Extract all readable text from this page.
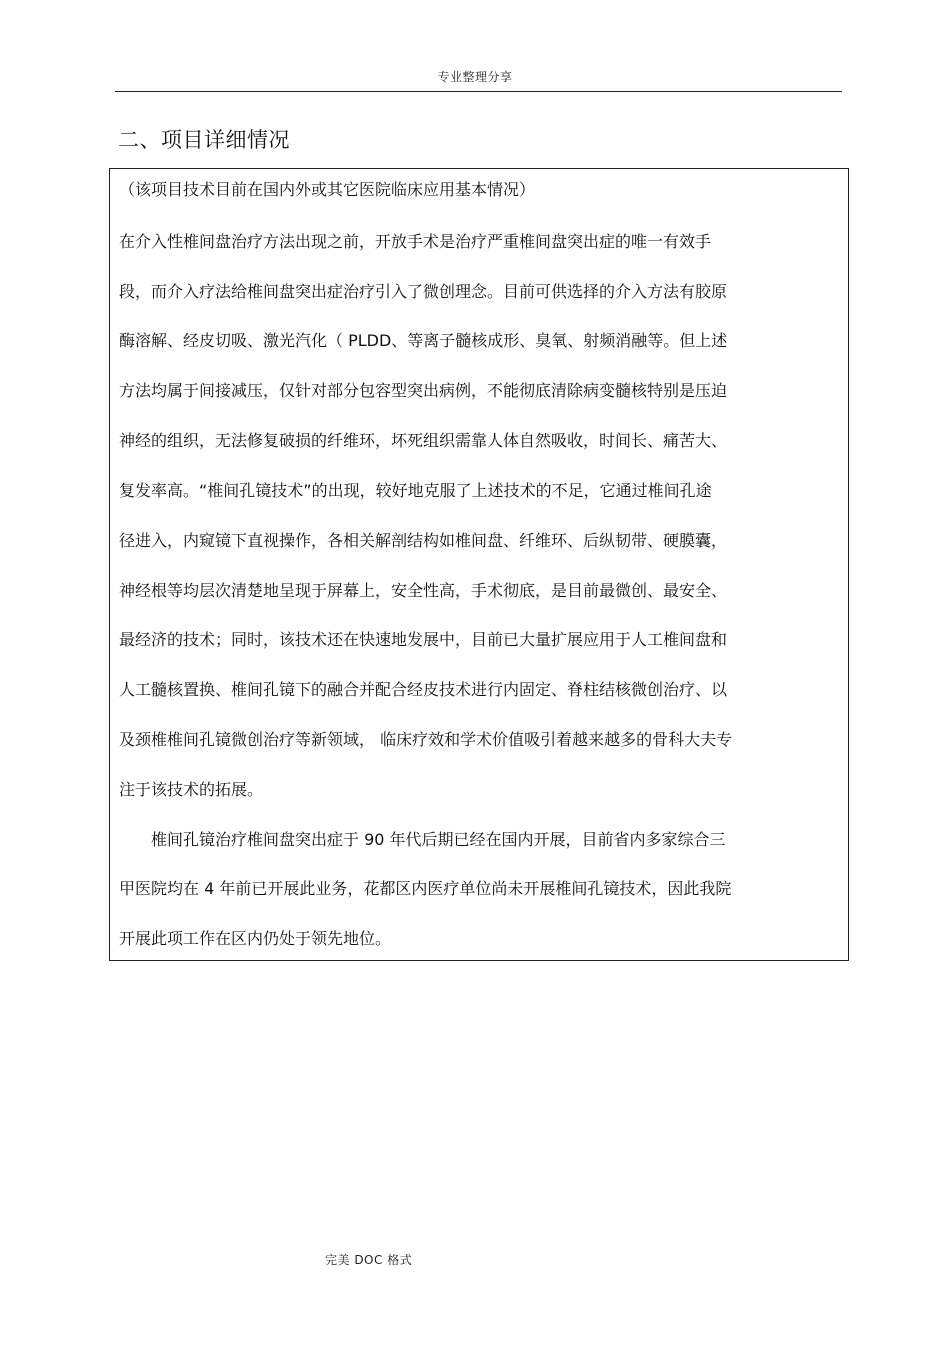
专业整理分享
二、项目详细情况
（该项目技术目前在国内外或其它医院临床应用基本情况）
在介入性椎间盘治疗方法出现之前，开放手术是治疗严重椎间盘突出症的唯一有效手
段，而介入疗法给椎间盘突出症治疗引入了微创理念。目前可供选择的介入方法有胶原
酶溶解、经皮切吸、激光汽化（ PLDD、等离子髓核成形、臭氧、射频消融等。但上述
方法均属于间接减压，仅针对部分包容型突出病例，不能彻底清除病变髓核特别是压迫
神经的组织，无法修复破损的纤维环，坏死组织需靠人体自然吸收，时间长、痛苦大、
复发率高。“椎间孔镜技术”的出现，较好地克服了上述技术的不足，它通过椎间孔途
径进入，内窥镜下直视操作，各相关解剖结构如椎间盘、纤维环、后纵韧带、硬膜囊，
神经根等均层次清楚地呈现于屏幕上，安全性高，手术彻底，是目前最微创、最安全、
最经济的技术；同时，该技术还在快速地发展中，目前已大量扩展应用于人工椎间盘和
人工髓核置换、椎间孔镜下的融合并配合经皮技术进行内固定、脊柱结核微创治疗、以
及颈椎椎间孔镜微创治疗等新领域， 临床疗效和学术价值吸引着越来越多的骨科大夫专
注于该技术的拓展。
　　椎间孔镜治疗椎间盘突出症于 90 年代后期已经在国内开展，目前省内多家综合三
甲医院均在 4 年前已开展此业务，花都区内医疗单位尚未开展椎间孔镜技术，因此我院
开展此项工作在区内仍处于领先地位。
完美 DOC 格式
